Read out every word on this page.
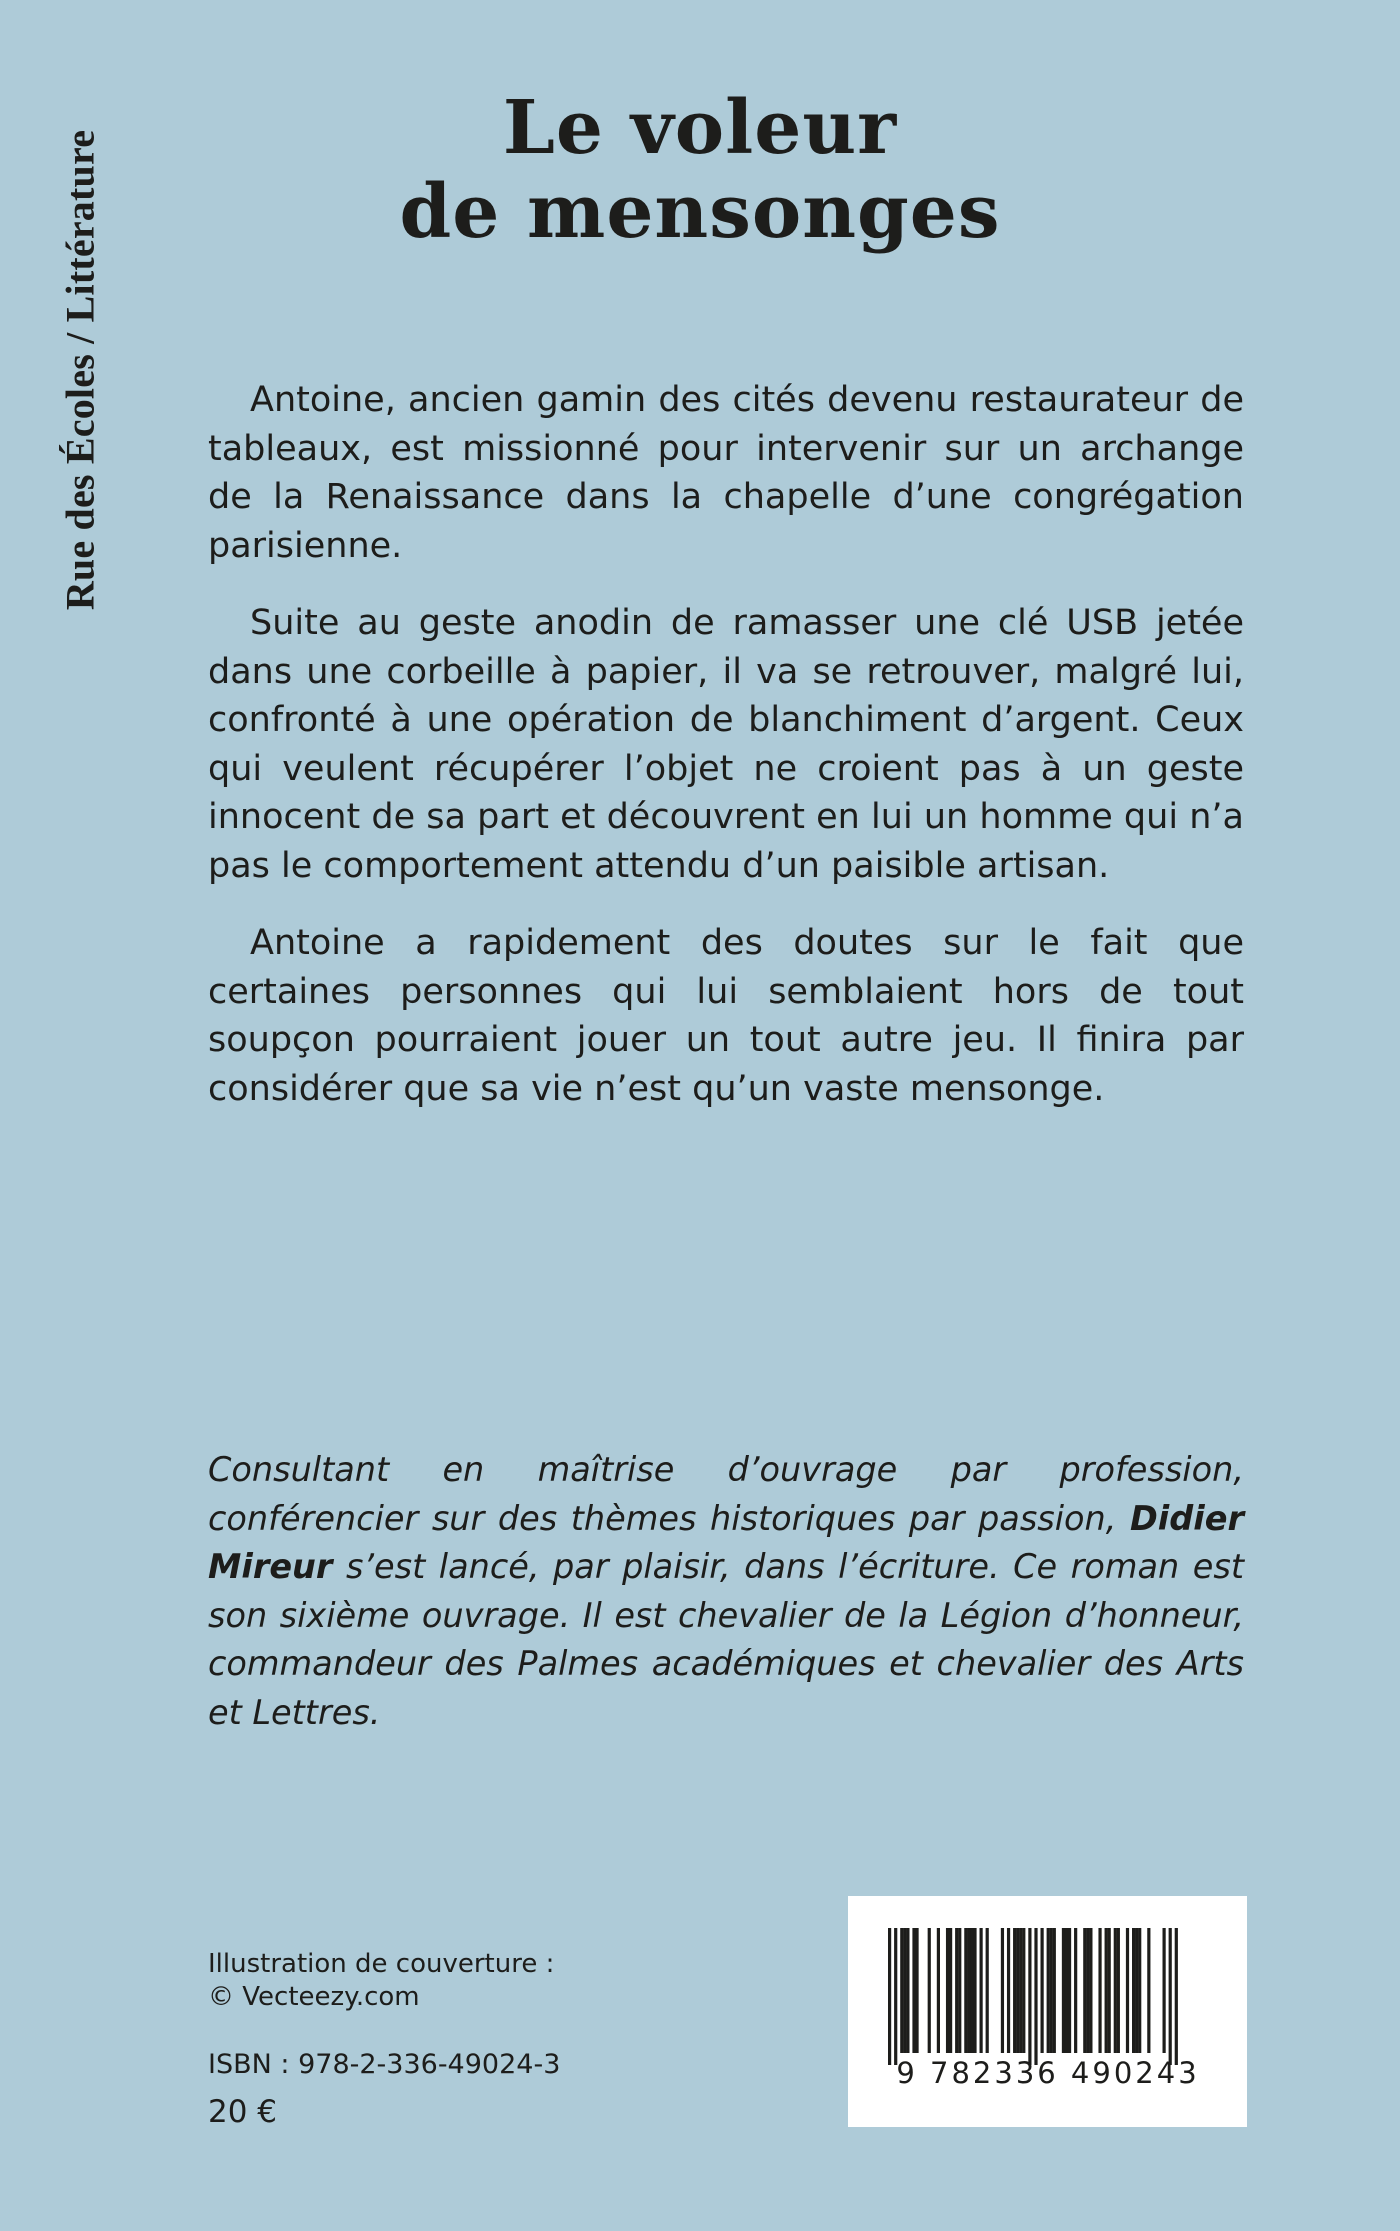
Rue des Écoles / Littérature
Le voleur
de mensonges

Antoine, ancien gamin des cités devenu restaurateur de tableaux, est missionné pour intervenir sur un archange de la Renaissance dans la chapelle d’une congrégation parisienne.

Suite au geste anodin de ramasser une clé USB jetée dans une corbeille à papier, il va se retrouver, malgré lui, confronté à une opération de blanchiment d’argent. Ceux qui veulent récupérer l’objet ne croient pas à un geste innocent de sa part et découvrent en lui un homme qui n’a pas le comportement attendu d’un paisible artisan.

Antoine a rapidement des doutes sur le fait que certaines personnes qui lui semblaient hors de tout soupçon pourraient jouer un tout autre jeu. Il finira par considérer que sa vie n’est qu’un vaste mensonge.

Consultant en maîtrise d’ouvrage par profession, conférencier sur des thèmes historiques par passion, Didier Mireur s’est lancé, par plaisir, dans l’écriture. Ce roman est son sixième ouvrage. Il est chevalier de la Légion d’honneur, commandeur des Palmes académiques et chevalier des Arts et Lettres.

Illustration de couverture :
© Vecteezy.com
ISBN : 978-2-336-49024-3
20 €
9 782336 490243
